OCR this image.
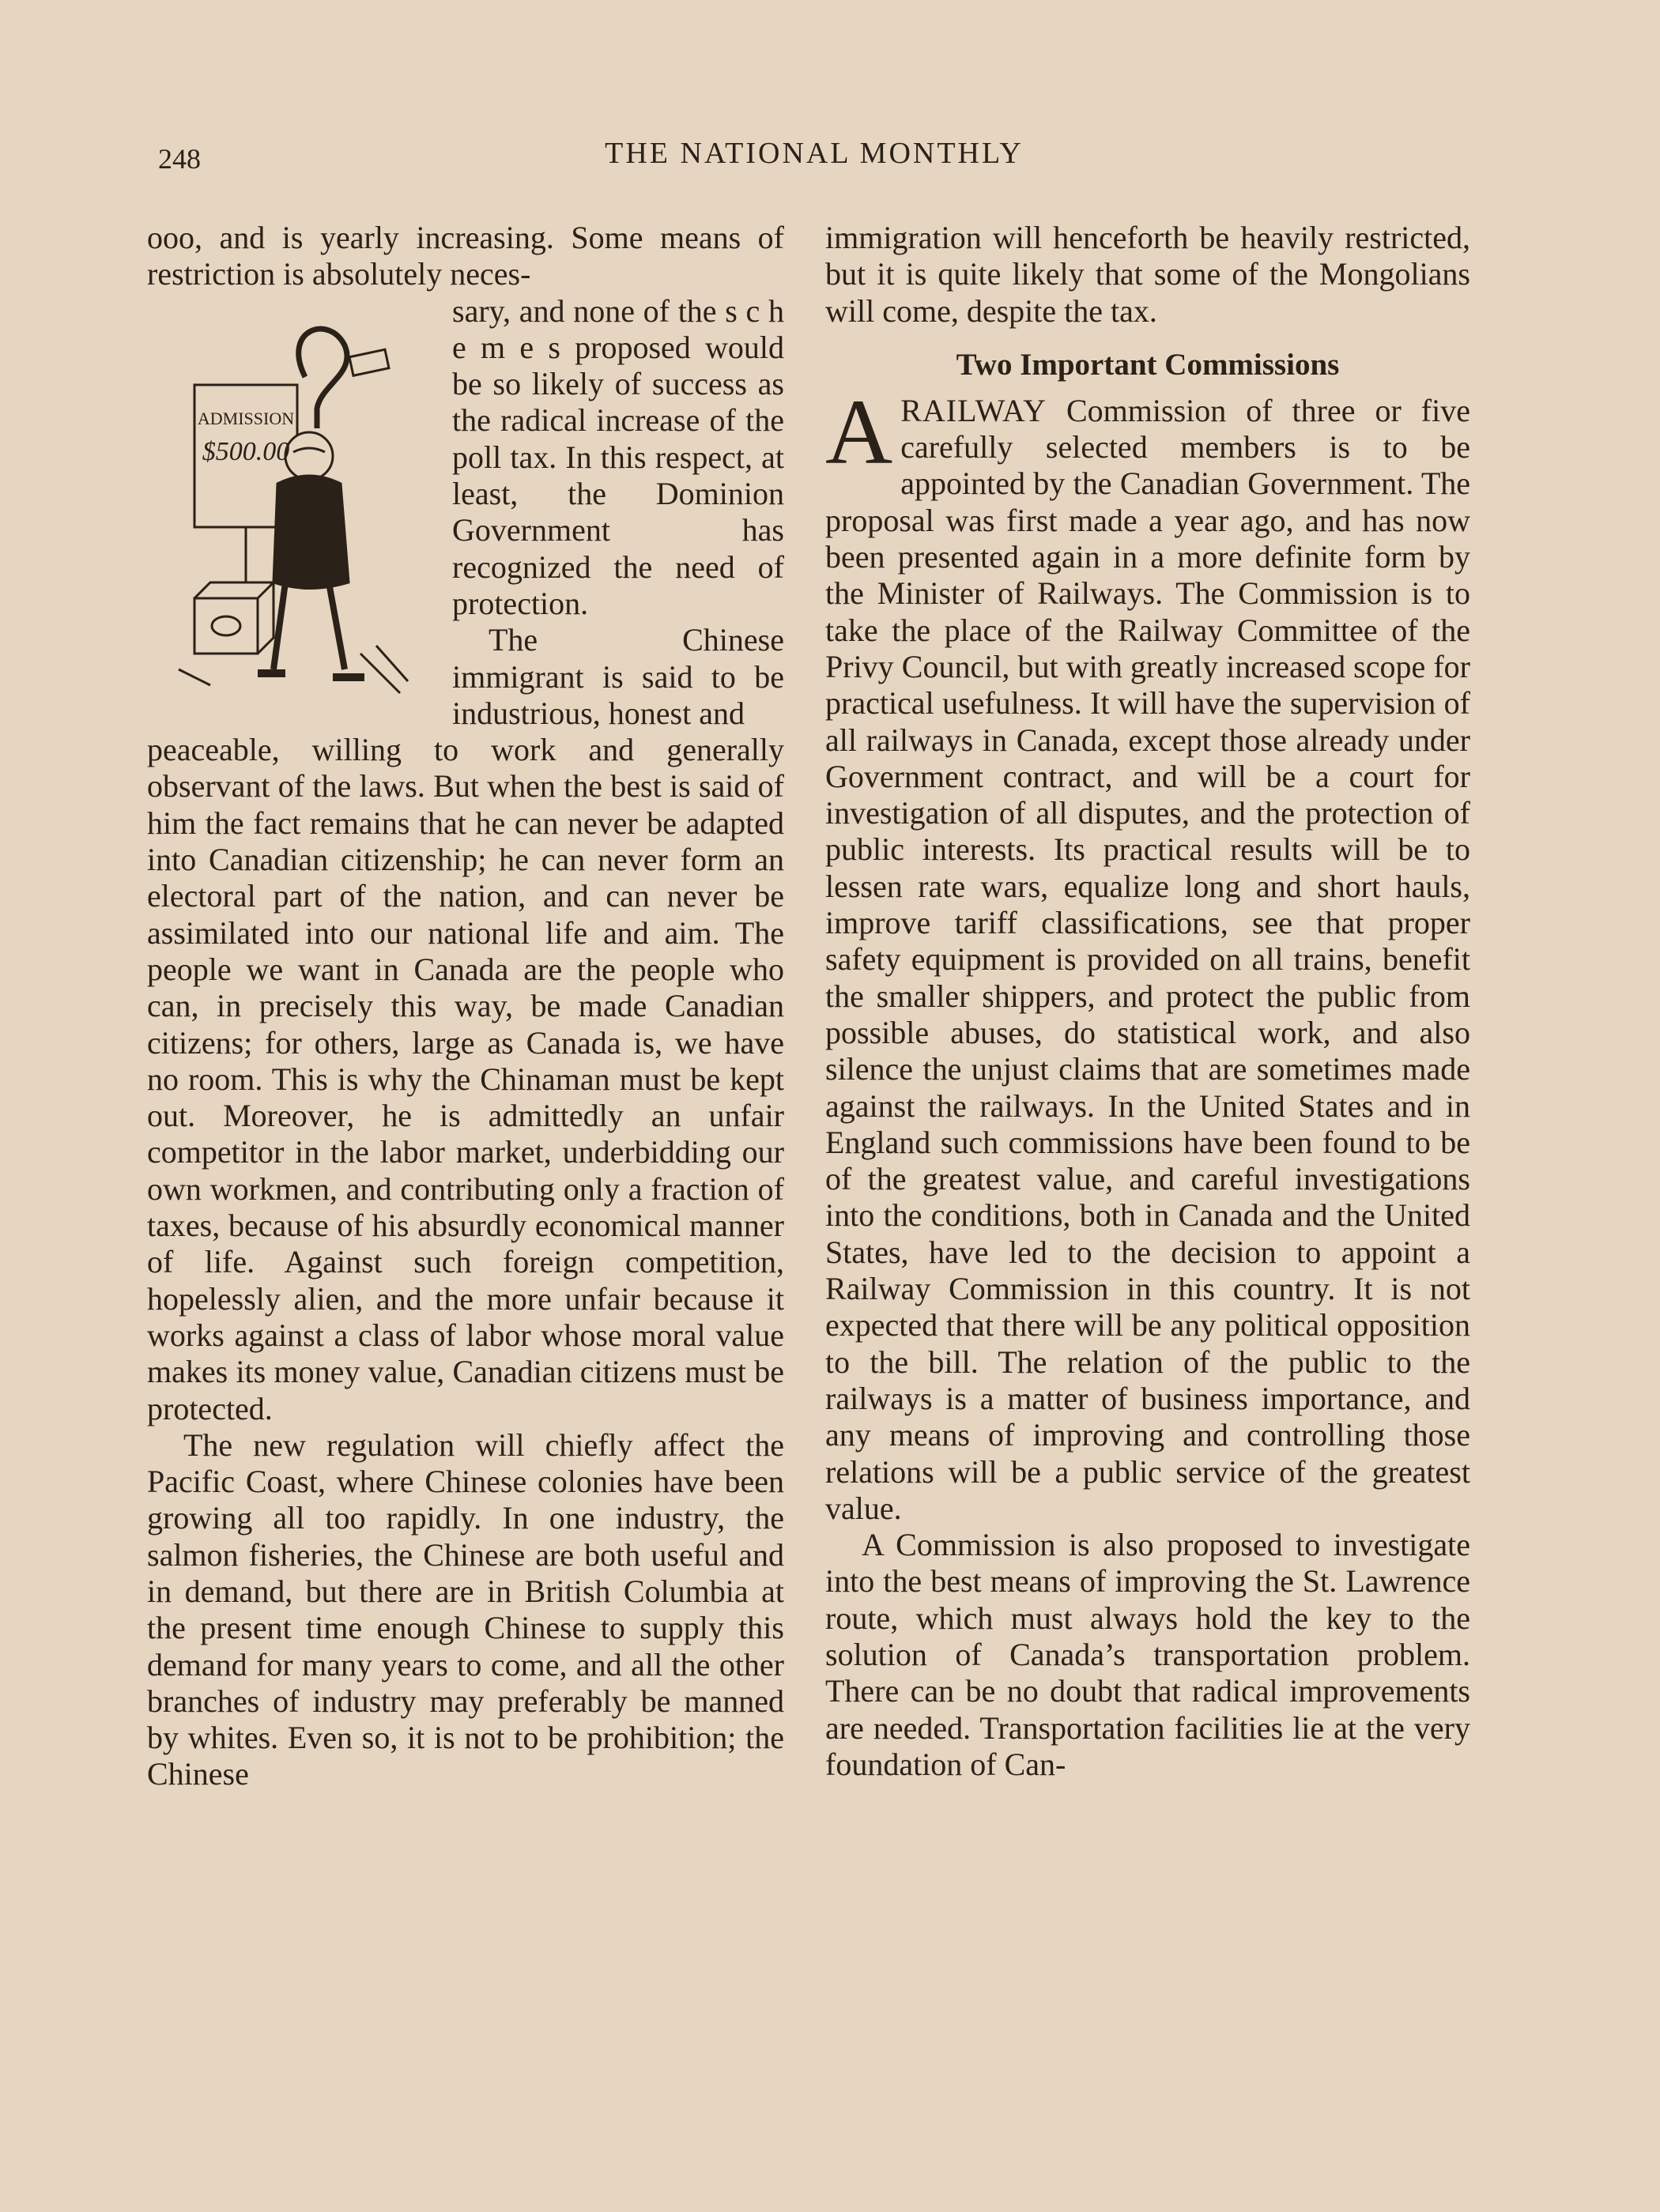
248	THE NATIONAL MONTHLY

ooo, and is yearly increasing. Some means of restriction is absolutely neces-

ADMISSION
$500.00

sary, and none of the s c h e m e s proposed would be so likely of success as the radical increase of the poll tax. In this respect, at least, the Dominion Government has recognized the need of protection.

The Chinese immigrant is said to be industrious, honest and

peaceable, willing to work and generally observant of the laws. But when the best is said of him the fact remains that he can never be adapted into Canadian citizenship; he can never form an electoral part of the nation, and can never be assimilated into our national life and aim. The people we want in Canada are the people who can, in precisely this way, be made Canadian citizens; for others, large as Canada is, we have no room. This is why the Chinaman must be kept out. Moreover, he is admittedly an unfair competitor in the labor market, underbidding our own workmen, and contributing only a fraction of taxes, because of his absurdly economical manner of life. Against such foreign competition, hopelessly alien, and the more unfair because it works against a class of labor whose moral value makes its money value, Canadian citizens must be protected.

The new regulation will chiefly affect the Pacific Coast, where Chinese colonies have been growing all too rapidly. In one industry, the salmon fisheries, the Chinese are both useful and in demand, but there are in British Columbia at the present time enough Chinese to supply this demand for many years to come, and all the other branches of industry may preferably be manned by whites. Even so, it is not to be prohibition; the Chinese

immigration will henceforth be heavily restricted, but it is quite likely that some of the Mongolians will come, despite the tax.

Two Important Commissions

ARAILWAY Commission of three or five carefully selected members is to be appointed by the Canadian Government. The proposal was first made a year ago, and has now been presented again in a more definite form by the Minister of Railways. The Commission is to take the place of the Railway Committee of the Privy Council, but with greatly increased scope for practical usefulness. It will have the supervision of all railways in Canada, except those already under Government contract, and will be a court for investigation of all disputes, and the protection of public interests. Its practical results will be to lessen rate wars, equalize long and short hauls, improve tariff classifications, see that proper safety equipment is provided on all trains, benefit the smaller shippers, and protect the public from possible abuses, do statistical work, and also silence the unjust claims that are sometimes made against the railways. In the United States and in England such commissions have been found to be of the greatest value, and careful investigations into the conditions, both in Canada and the United States, have led to the decision to appoint a Railway Commission in this country. It is not expected that there will be any political opposition to the bill. The relation of the public to the railways is a matter of business importance, and any means of improving and controlling those relations will be a public service of the greatest value.

A Commission is also proposed to investigate into the best means of improving the St. Lawrence route, which must always hold the key to the solution of Canada’s transportation problem. There can be no doubt that radical improvements are needed. Transportation facilities lie at the very foundation of Can-
